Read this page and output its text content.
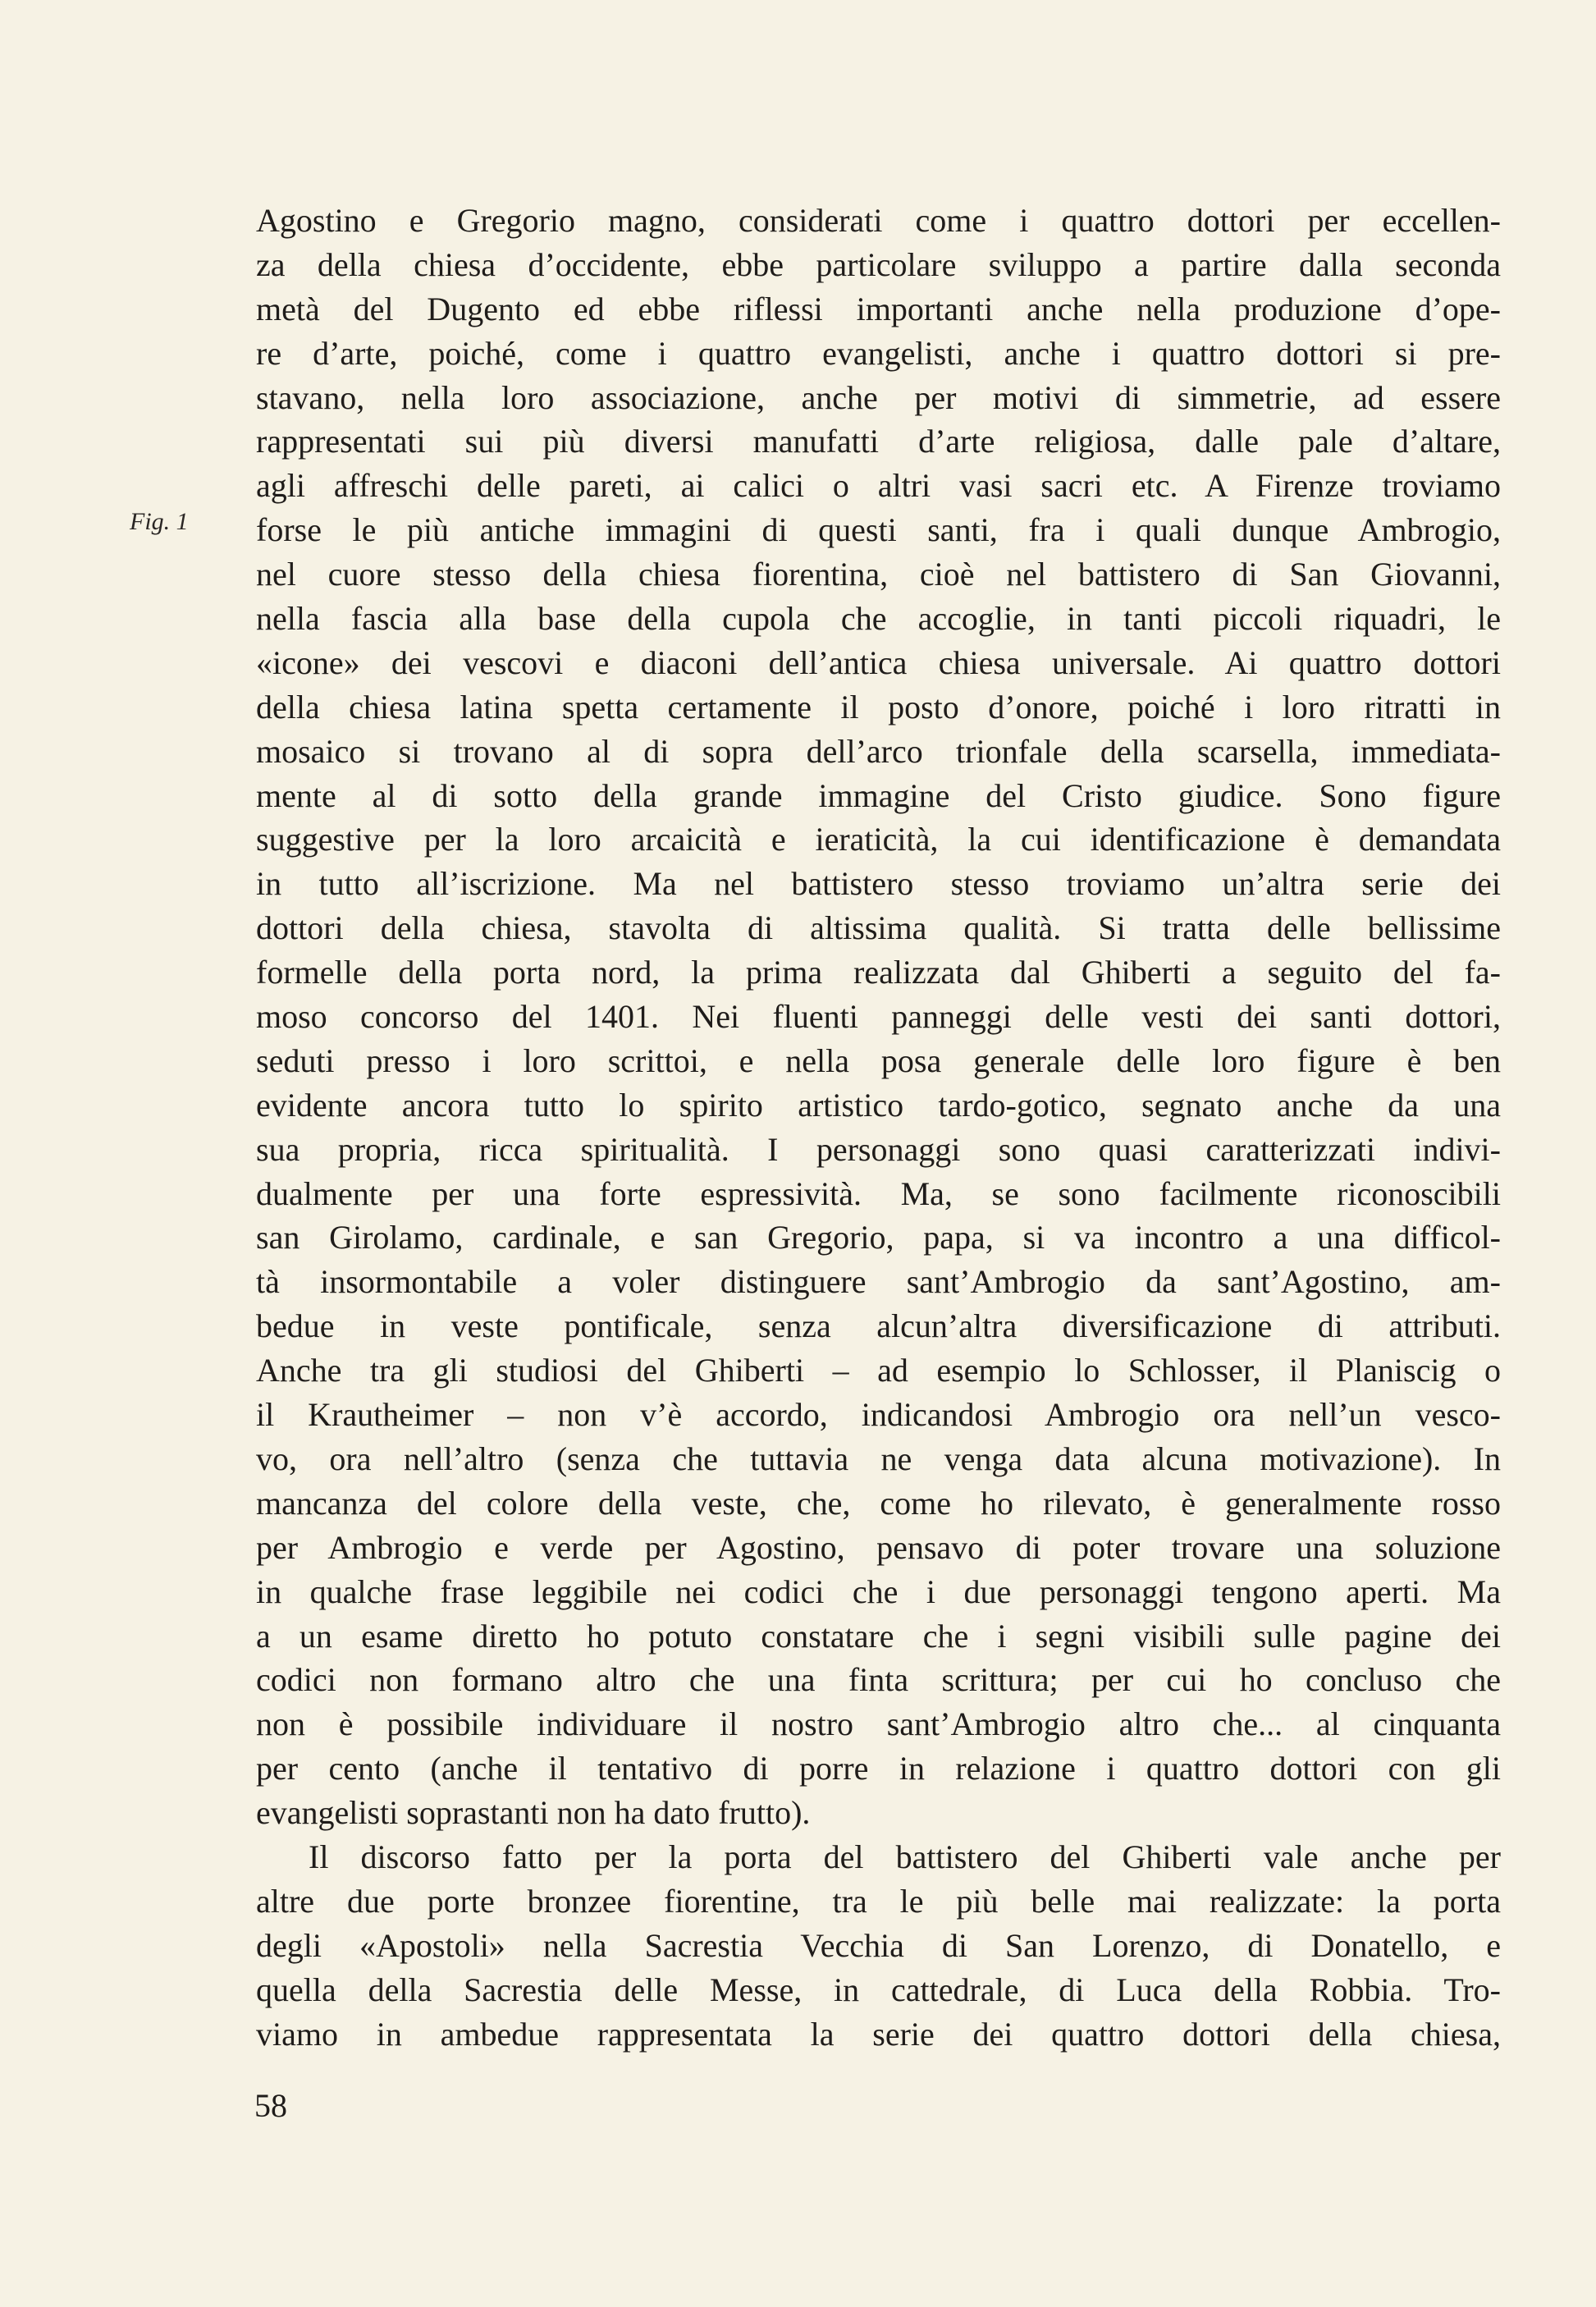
Fig. 1
Agostino e Gregorio magno, considerati come i quattro dottori per eccellen-
za della chiesa d’occidente, ebbe particolare sviluppo a partire dalla seconda
metà del Dugento ed ebbe riflessi importanti anche nella produzione d’ope-
re d’arte, poiché, come i quattro evangelisti, anche i quattro dottori si pre-
stavano, nella loro associazione, anche per motivi di simmetrie, ad essere
rappresentati sui più diversi manufatti d’arte religiosa, dalle pale d’altare,
agli affreschi delle pareti, ai calici o altri vasi sacri etc. A Firenze troviamo
forse le più antiche immagini di questi santi, fra i quali dunque Ambrogio,
nel cuore stesso della chiesa fiorentina, cioè nel battistero di San Giovanni,
nella fascia alla base della cupola che accoglie, in tanti piccoli riquadri, le
«icone» dei vescovi e diaconi dell’antica chiesa universale. Ai quattro dottori
della chiesa latina spetta certamente il posto d’onore, poiché i loro ritratti in
mosaico si trovano al di sopra dell’arco trionfale della scarsella, immediata-
mente al di sotto della grande immagine del Cristo giudice. Sono figure
suggestive per la loro arcaicità e ieraticità, la cui identificazione è demandata
in tutto all’iscrizione. Ma nel battistero stesso troviamo un’altra serie dei
dottori della chiesa, stavolta di altissima qualità. Si tratta delle bellissime
formelle della porta nord, la prima realizzata dal Ghiberti a seguito del fa-
moso concorso del 1401. Nei fluenti panneggi delle vesti dei santi dottori,
seduti presso i loro scrittoi, e nella posa generale delle loro figure è ben
evidente ancora tutto lo spirito artistico tardo-gotico, segnato anche da una
sua propria, ricca spiritualità. I personaggi sono quasi caratterizzati indivi-
dualmente per una forte espressività. Ma, se sono facilmente riconoscibili
san Girolamo, cardinale, e san Gregorio, papa, si va incontro a una difficol-
tà insormontabile a voler distinguere sant’Ambrogio da sant’Agostino, am-
bedue in veste pontificale, senza alcun’altra diversificazione di attributi.
Anche tra gli studiosi del Ghiberti – ad esempio lo Schlosser, il Planiscig o
il Krautheimer – non v’è accordo, indicandosi Ambrogio ora nell’un vesco-
vo, ora nell’altro (senza che tuttavia ne venga data alcuna motivazione). In
mancanza del colore della veste, che, come ho rilevato, è generalmente rosso
per Ambrogio e verde per Agostino, pensavo di poter trovare una soluzione
in qualche frase leggibile nei codici che i due personaggi tengono aperti. Ma
a un esame diretto ho potuto constatare che i segni visibili sulle pagine dei
codici non formano altro che una finta scrittura; per cui ho concluso che
non è possibile individuare il nostro sant’Ambrogio altro che... al cinquanta
per cento (anche il tentativo di porre in relazione i quattro dottori con gli
evangelisti soprastanti non ha dato frutto).
Il discorso fatto per la porta del battistero del Ghiberti vale anche per
altre due porte bronzee fiorentine, tra le più belle mai realizzate: la porta
degli «Apostoli» nella Sacrestia Vecchia di San Lorenzo, di Donatello, e
quella della Sacrestia delle Messe, in cattedrale, di Luca della Robbia. Tro-
viamo in ambedue rappresentata la serie dei quattro dottori della chiesa,
58
